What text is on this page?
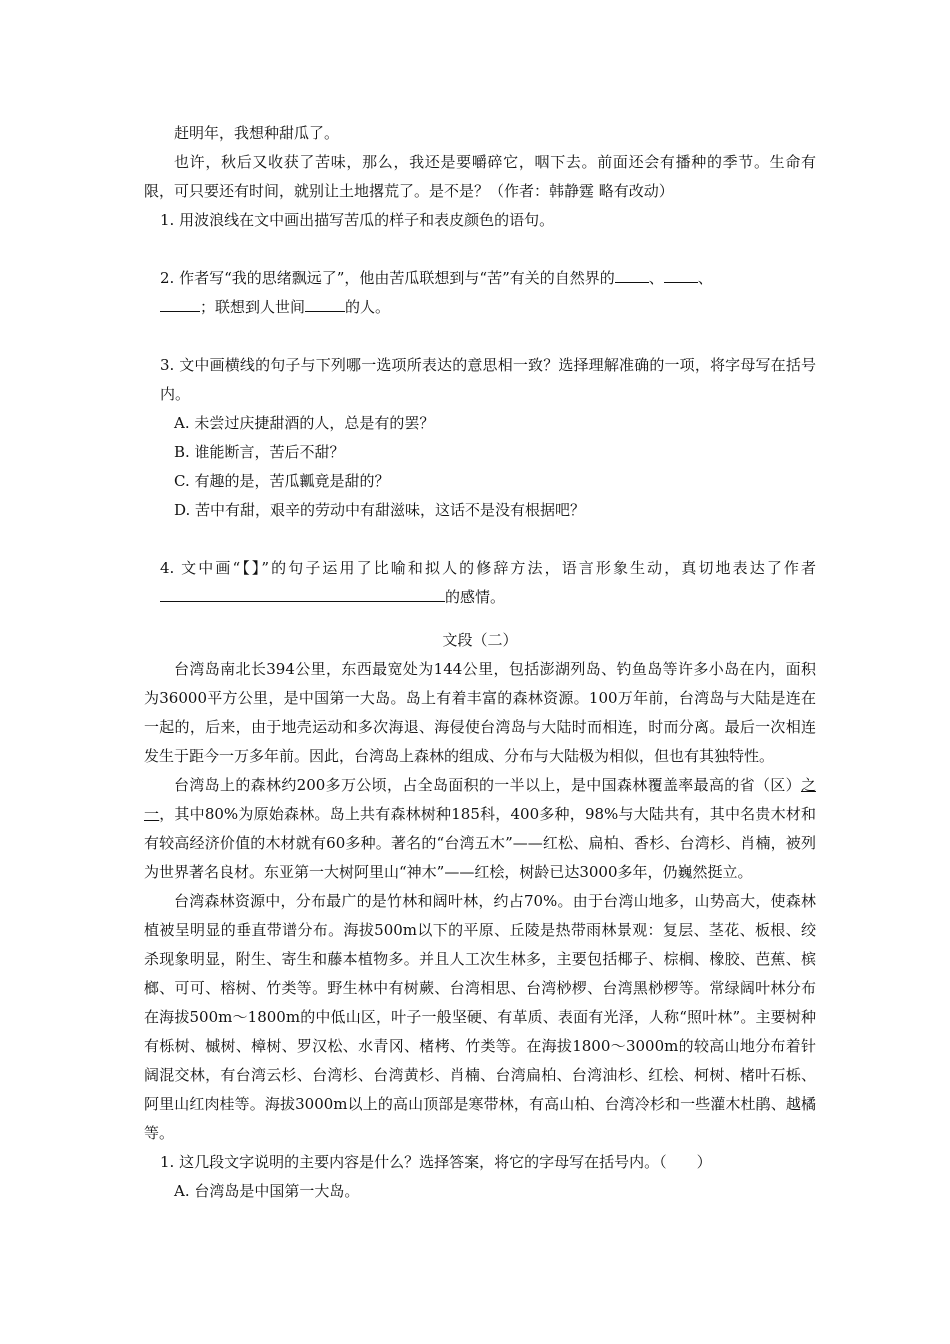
赶明年，我想种甜瓜了。

也许，秋后又收获了苦味，那么，我还是要嚼碎它，咽下去。前面还会有播种的季节。生命有限，可只要还有时间，就别让土地撂荒了。是不是？（作者：韩静霆 略有改动）

1. 用波浪线在文中画出描写苦瓜的样子和表皮颜色的语句。

2. 作者写“我的思绪飘远了”，他由苦瓜联想到与“苦”有关的自然界的 、 、
；联想到人世间	的人。

3. 文中画横线的句子与下列哪一选项所表达的意思相一致？选择理解准确的一项，将字母写在括号内。

A. 未尝过庆捷甜酒的人，总是有的罢？

B. 谁能断言，苦后不甜？

C. 有趣的是，苦瓜瓤竟是甜的？

D. 苦中有甜，艰辛的劳动中有甜滋味，这话不是没有根据吧？

4. 文中画“【】”的句子运用了比喻和拟人的修辞方法，语言形象生动，真切地表达了作者的感情。

文段（二）

台湾岛南北长394公里，东西最宽处为144公里，包括澎湖列岛、钓鱼岛等许多小岛在内，面积为36000平方公里，是中国第一大岛。岛上有着丰富的森林资源。100万年前，台湾岛与大陆是连在一起的，后来，由于地壳运动和多次海退、海侵使台湾岛与大陆时而相连，时而分离。最后一次相连发生于距今一万多年前。因此，台湾岛上森林的组成、分布与大陆极为相似，但也有其独特性。

台湾岛上的森林约200多万公顷，占全岛面积的一半以上，是中国森林覆盖率最高的省（区）之一，其中80%为原始森林。岛上共有森林树种185科，400多种，98%与大陆共有，其中名贵木材和有较高经济价值的木材就有60多种。著名的“台湾五木”——红松、扁柏、香杉、台湾杉、肖楠，被列为世界著名良材。东亚第一大树阿里山“神木”——红桧，树龄已达3000多年，仍巍然挺立。

台湾森林资源中，分布最广的是竹林和阔叶林，约占70%。由于台湾山地多，山势高大，使森林植被呈明显的垂直带谱分布。海拔500m以下的平原、丘陵是热带雨林景观：复层、茎花、板根、绞杀现象明显，附生、寄生和藤本植物多。并且人工次生林多，主要包括椰子、棕榈、橡胶、芭蕉、槟榔、可可、榕树、竹类等。野生林中有树蕨、台湾相思、台湾桫椤、台湾黑桫椤等。常绿阔叶林分布在海拔500m～1800m的中低山区，叶子一般坚硬、有革质、表面有光泽，人称“照叶林”。主要树种有栎树、槭树、樟树、罗汉松、水青冈、楮栲、竹类等。在海拔1800～3000m的较高山地分布着针阔混交林，有台湾云杉、台湾杉、台湾黄杉、肖楠、台湾扁柏、台湾油杉、红桧、柯树、楮叶石栎、阿里山红肉桂等。海拔3000m以上的高山顶部是寒带林，有高山柏、台湾冷杉和一些灌木杜鹃、越橘等。

1. 这几段文字说明的主要内容是什么？选择答案，将它的字母写在括号内。（　　）

A. 台湾岛是中国第一大岛。
